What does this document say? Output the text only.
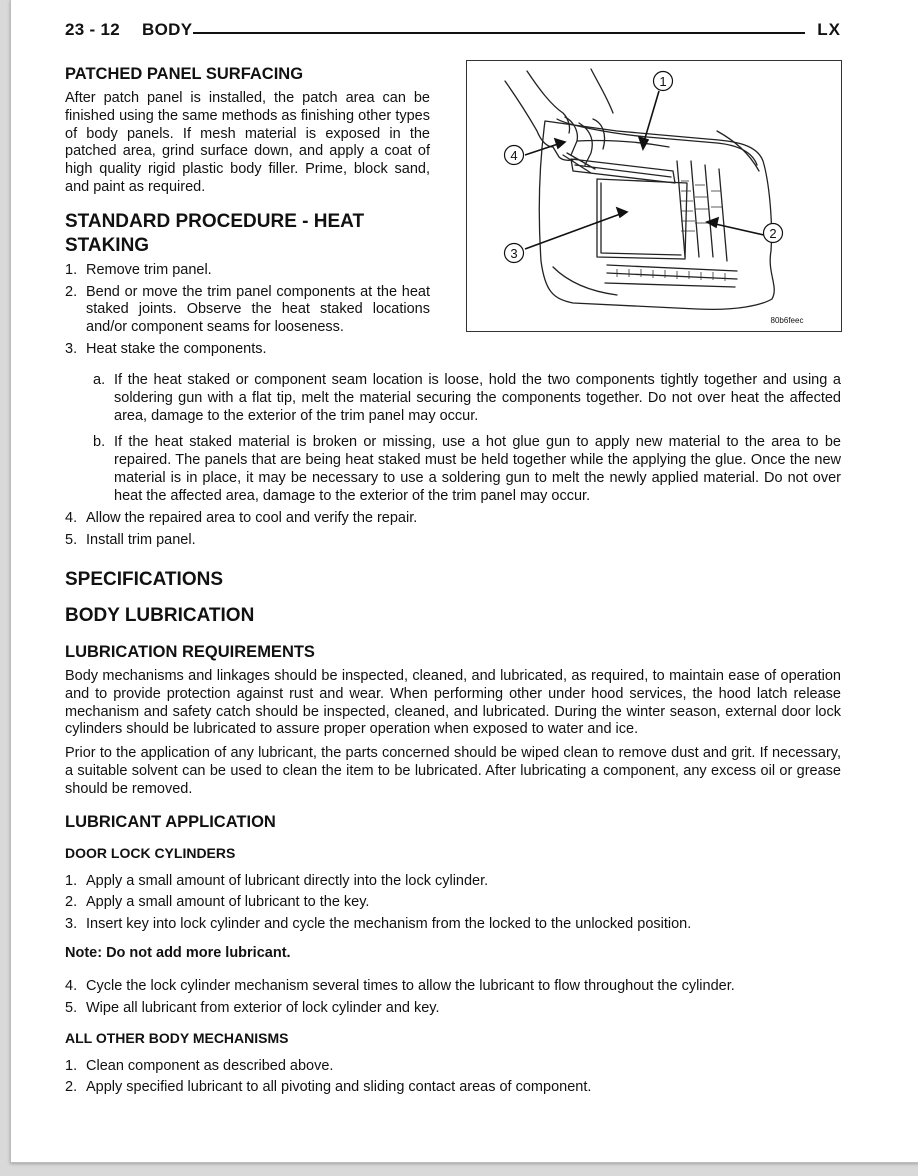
23 - 12 BODY	LX
PATCHED PANEL SURFACING

After patch panel is installed, the patch area can be finished using the same methods as finishing other types of body panels. If mesh material is exposed in the patched area, grind surface down, and apply a coat of high quality rigid plastic body filler. Prime, block sand, and paint as required.

STANDARD PROCEDURE - HEAT
STAKING
1. Remove trim panel.
2. Bend or move the trim panel components at the heat staked joints. Observe the heat staked locations and/or component seams for looseness.
3. Heat stake the components.
1
2
3
4
80b6feec
a. If the heat staked or component seam location is loose, hold the two components tightly together and using a soldering gun with a flat tip, melt the material securing the components together. Do not over heat the affected area, damage to the exterior of the trim panel may occur.
b. If the heat staked material is broken or missing, use a hot glue gun to apply new material to the area to be repaired. The panels that are being heat staked must be held together while the applying the glue. Once the new material is in place, it may be necessary to use a soldering gun to melt the newly applied material. Do not over heat the affected area, damage to the exterior of the trim panel may occur.
4. Allow the repaired area to cool and verify the repair.
5. Install trim panel.
SPECIFICATIONS
BODY LUBRICATION
LUBRICATION REQUIREMENTS

Body mechanisms and linkages should be inspected, cleaned, and lubricated, as required, to maintain ease of operation and to provide protection against rust and wear. When performing other under hood services, the hood latch release mechanism and safety catch should be inspected, cleaned, and lubricated. During the winter season, external door lock cylinders should be lubricated to assure proper operation when exposed to water and ice.

Prior to the application of any lubricant, the parts concerned should be wiped clean to remove dust and grit. If necessary, a suitable solvent can be used to clean the item to be lubricated. After lubricating a component, any excess oil or grease should be removed.

LUBRICANT APPLICATION
DOOR LOCK CYLINDERS
1. Apply a small amount of lubricant directly into the lock cylinder.
2. Apply a small amount of lubricant to the key.
3. Insert key into lock cylinder and cycle the mechanism from the locked to the unlocked position.

Note: Do not add more lubricant.

4. Cycle the lock cylinder mechanism several times to allow the lubricant to flow throughout the cylinder.
5. Wipe all lubricant from exterior of lock cylinder and key.
ALL OTHER BODY MECHANISMS
1. Clean component as described above.
2. Apply specified lubricant to all pivoting and sliding contact areas of component.
